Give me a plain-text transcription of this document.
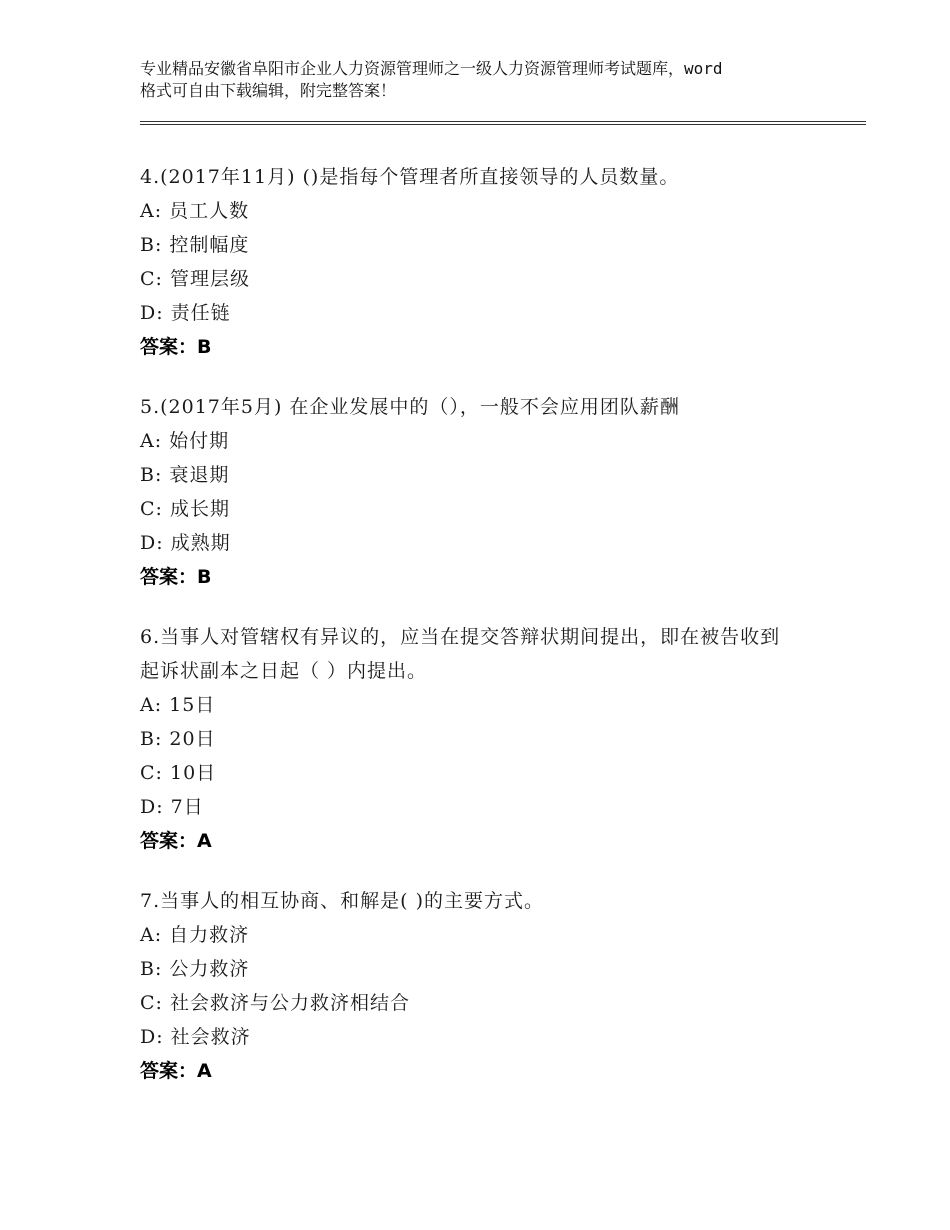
专业精品安徽省阜阳市企业人力资源管理师之一级人力资源管理师考试题库，word
格式可自由下载编辑，附完整答案！

4.(2017年11月) ()是指每个管理者所直接领导的人员数量。

A: 员工人数

B: 控制幅度

C: 管理层级

D: 责任链

答案：B

5.(2017年5月) 在企业发展中的（），一般不会应用团队薪酬

A: 始付期

B: 衰退期

C: 成长期

D: 成熟期

答案：B

6.当事人对管辖权有异议的，应当在提交答辩状期间提出，即在被告收到起诉状副本之日起（ ）内提出。

A: 15日

B: 20日

C: 10日

D: 7日

答案：A

7.当事人的相互协商、和解是( )的主要方式。

A: 自力救济

B: 公力救济

C: 社会救济与公力救济相结合

D: 社会救济

答案：A
